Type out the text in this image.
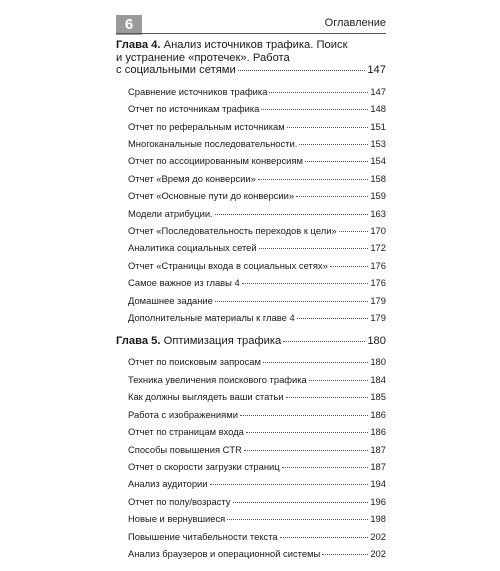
6	Оглавление
Глава 4. Анализ источников трафика. Поиск
и устранение «протечек». Работа
с социальными сетями	147
Сравнение источников трафика	147
Отчет по источникам трафика	148
Отчет по реферальным источникам	151
Многоканальные последовательности.	153
Отчет по ассоциированным конверсиям	154
Отчет «Время до конверсии»	158
Отчет «Основные пути до конверсии»	159
Модели атрибуции.	163
Отчет «Последовательность переходов к цели»	170
Аналитика социальных сетей	172
Отчет «Страницы входа в социальных сетях»	176
Самое важное из главы 4	176
Домашнее задание	179
Дополнительные материалы к главе 4	179
Глава 5. Оптимизация трафика	180
Отчет по поисковым запросам	180
Техника увеличения поискового трафика	184
Как должны выглядеть ваши статьи	185
Работа с изображениями	186
Отчет по страницам входа	186
Способы повышения CTR	187
Отчет о скорости загрузки страниц	187
Анализ аудитории	194
Отчет по полу/возрасту	196
Новые и вернувшиеся	198
Повышение читабельности текста	202
Анализ браузеров и операционной системы	202
